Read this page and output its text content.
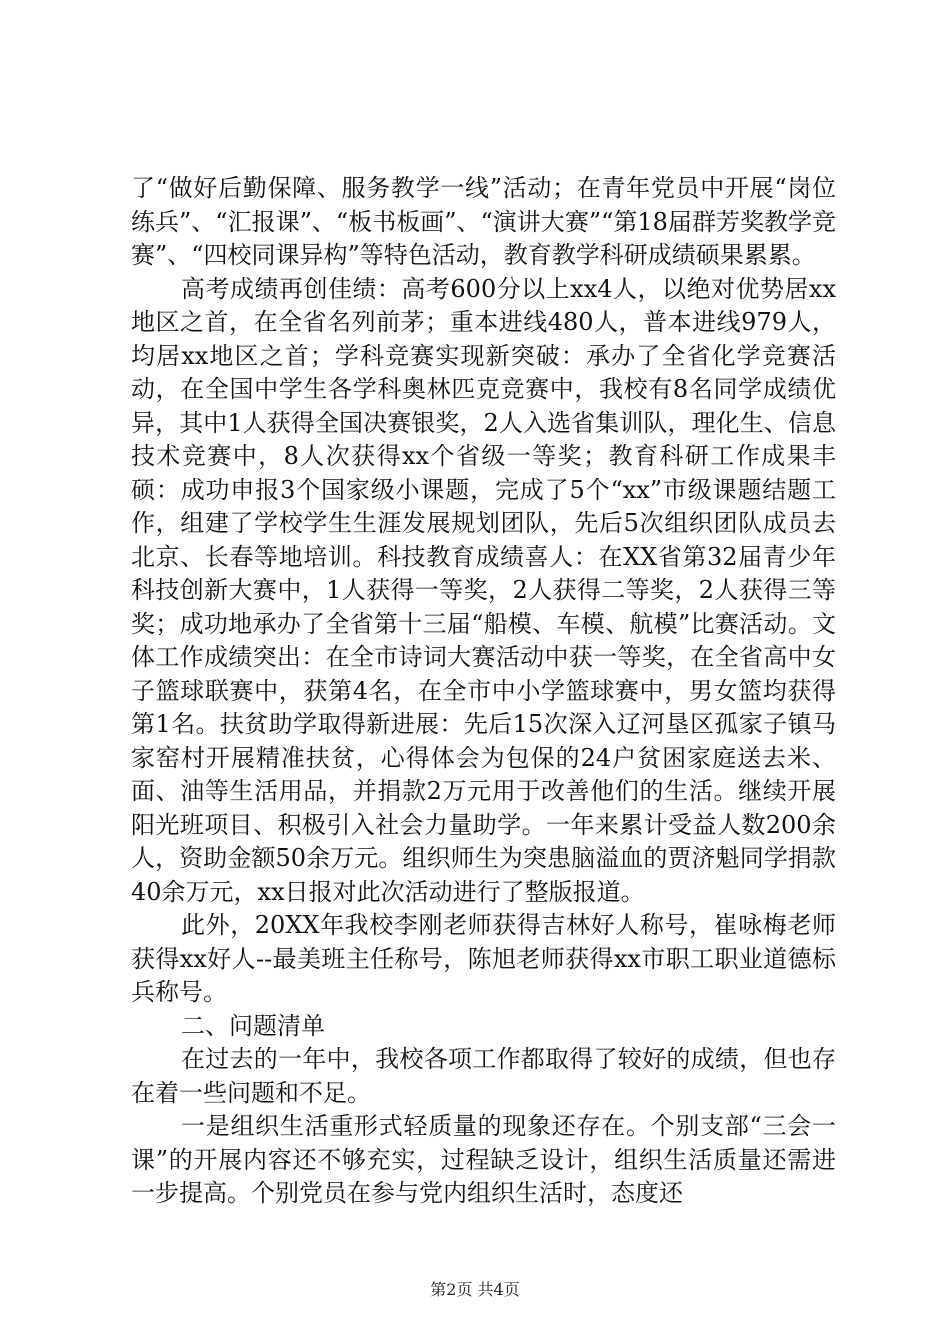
了“做好后勤保障、服务教学一线”活动；在青年党员中开展“岗位练兵”、“汇报课”、“板书板画”、“演讲大赛”“第18届群芳奖教学竞赛”、“四校同课异构”等特色活动，教育教学科研成绩硕果累累。

高考成绩再创佳绩：高考600分以上xx4人，以绝对优势居xx地区之首，在全省名列前茅；重本进线480人，普本进线979人，均居xx地区之首；学科竞赛实现新突破：承办了全省化学竞赛活动，在全国中学生各学科奥林匹克竞赛中，我校有8名同学成绩优异，其中1人获得全国决赛银奖，2人入选省集训队，理化生、信息技术竞赛中，8人次获得xx个省级一等奖；教育科研工作成果丰硕：成功申报3个国家级小课题，完成了5个“xx”市级课题结题工作，组建了学校学生生涯发展规划团队，先后5次组织团队成员去北京、长春等地培训。科技教育成绩喜人：在XX省第32届青少年科技创新大赛中，1人获得一等奖，2人获得二等奖，2人获得三等奖；成功地承办了全省第十三届“船模、车模、航模”比赛活动。文体工作成绩突出：在全市诗词大赛活动中获一等奖，在全省高中女子篮球联赛中，获第4名，在全市中小学篮球赛中，男女篮均获得第1名。扶贫助学取得新进展：先后15次深入辽河垦区孤家子镇马家窑村开展精准扶贫，心得体会为包保的24户贫困家庭送去米、面、油等生活用品，并捐款2万元用于改善他们的生活。继续开展阳光班项目、积极引入社会力量助学。一年来累计受益人数200余人，资助金额50余万元。组织师生为突患脑溢血的贾济魁同学捐款40余万元，xx日报对此次活动进行了整版报道。

此外，20XX年我校李刚老师获得吉林好人称号，崔咏梅老师获得xx好人--最美班主任称号，陈旭老师获得xx市职工职业道德标兵称号。

二、问题清单

在过去的一年中，我校各项工作都取得了较好的成绩，但也存在着一些问题和不足。

一是组织生活重形式轻质量的现象还存在。个别支部“三会一课”的开展内容还不够充实，过程缺乏设计，组织生活质量还需进一步提高。个别党员在参与党内组织生活时，态度还

第2页 共4页
